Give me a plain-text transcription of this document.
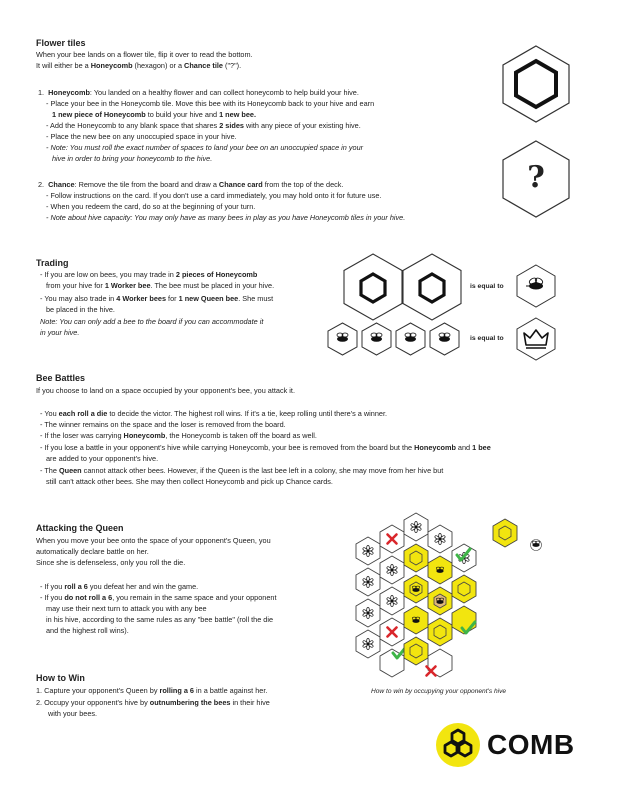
Flower tiles
When your bee lands on a flower tile, flip it over to read the bottom.
It will either be a Honeycomb (hexagon) or a Chance tile ("?").
1. Honeycomb: You landed on a healthy flower and can collect honeycomb to help build your hive.
- Place your bee in the Honeycomb tile. Move this bee with its Honeycomb back to your hive and earn
1 new piece of Honeycomb to build your hive and 1 new bee.
- Add the Honeycomb to any blank space that shares 2 sides with any piece of your existing hive.
- Place the new bee on any unoccupied space in your hive.
- Note: You must roll the exact number of spaces to land your bee on an unoccupied space in your
hive in order to bring your honeycomb to the hive.
2. Chance: Remove the tile from the board and draw a Chance card from the top of the deck.
- Follow instructions on the card. If you don't use a card immediately, you may hold onto it for future use.
- When you redeem the card, do so at the beginning of your turn.
- Note about hive capacity: You may only have as many bees in play as you have Honeycomb tiles in your hive.
?
Trading
- If you are low on bees, you may trade in 2 pieces of Honeycomb
from your hive for 1 Worker bee. The bee must be placed in your hive.
- You may also trade in 4 Worker bees for 1 new Queen bee. She must
be placed in the hive.
Note: You can only add a bee to the board if you can accommodate it
in your hive.
is equal to
is equal to
Bee Battles
If you choose to land on a space occupied by your opponent's bee, you attack it.
- You each roll a die to decide the victor. The highest roll wins. If it's a tie, keep rolling until there's a winner.
- The winner remains on the space and the loser is removed from the board.
- If the loser was carrying Honeycomb, the Honeycomb is taken off the board as well.
- If you lose a battle in your opponent's hive while carrying Honeycomb, your bee is removed from the board but the Honeycomb and 1 bee
are added to your opponent's hive.
- The Queen cannot attack other bees. However, if the Queen is the last bee left in a colony, she may move from her hive but
still can't attack other bees. She may then collect Honeycomb and pick up Chance cards.
Attacking the Queen
When you move your bee onto the space of your opponent's Queen, you
automatically declare battle on her.
Since she is defenseless, only you roll the die.
- If you roll a 6 you defeat her and win the game.
- If you do not roll a 6, you remain in the same space and your opponent
may use their next turn to attack you with any bee
in his hive, according to the same rules as any "bee battle" (roll the die
and the highest roll wins).
How to Win
1. Capture your opponent's Queen by rolling a 6 in a battle against her.
2. Occupy your opponent's hive by outnumbering the bees in their hive
with your bees.
How to win by occupying your opponent's hive
COMB
